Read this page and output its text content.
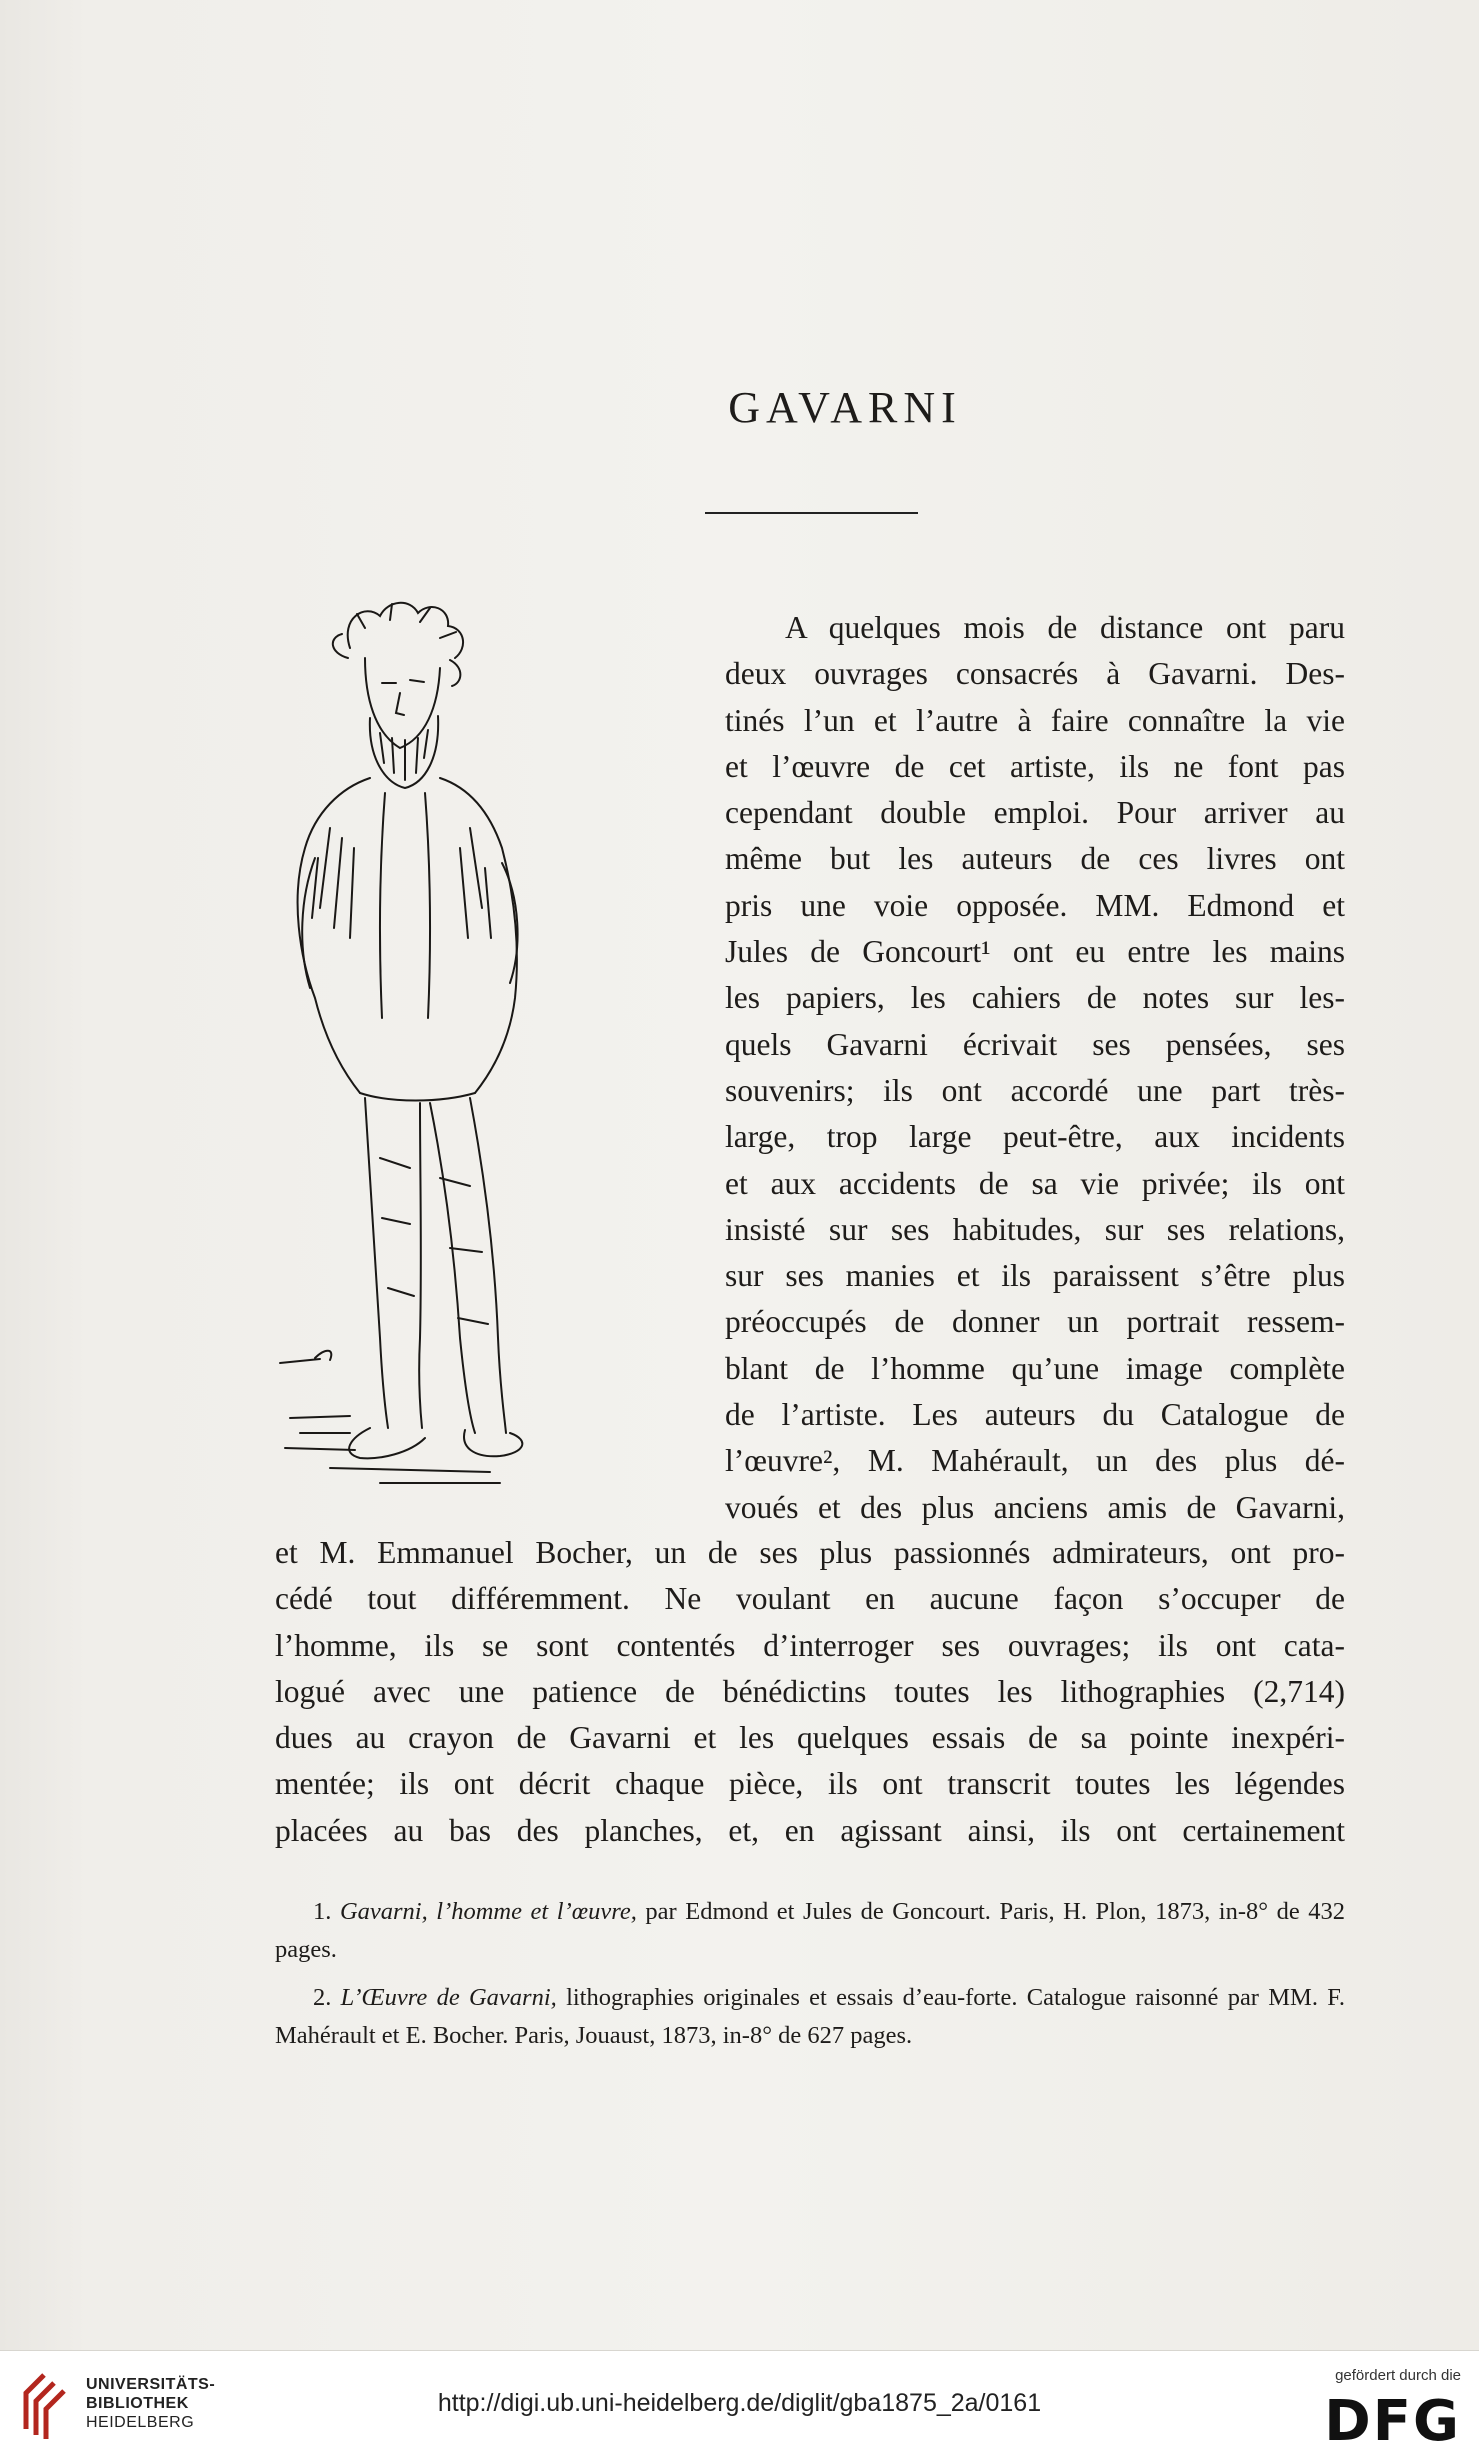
GAVARNI
A quelques mois de distance ont paru
deux ouvrages consacrés à Gavarni. Des-
tinés l’un et l’autre à faire connaître la vie
et l’œuvre de cet artiste, ils ne font pas
cependant double emploi. Pour arriver au
même but les auteurs de ces livres ont
pris une voie opposée. MM. Edmond et
Jules de Goncourt¹ ont eu entre les mains
les papiers, les cahiers de notes sur les-
quels Gavarni écrivait ses pensées, ses
souvenirs; ils ont accordé une part très-
large, trop large peut-être, aux incidents
et aux accidents de sa vie privée; ils ont
insisté sur ses habitudes, sur ses relations,
sur ses manies et ils paraissent s’être plus
préoccupés de donner un portrait ressem-
blant de l’homme qu’une image complète
de l’artiste. Les auteurs du Catalogue de
l’œuvre², M. Mahérault, un des plus dé-
voués et des plus anciens amis de Gavarni,
et M. Emmanuel Bocher, un de ses plus passionnés admirateurs, ont pro-
cédé tout différemment. Ne voulant en aucune façon s’occuper de
l’homme, ils se sont contentés d’interroger ses ouvrages; ils ont cata-
logué avec une patience de bénédictins toutes les lithographies (2,714)
dues au crayon de Gavarni et les quelques essais de sa pointe inexpéri-
mentée; ils ont décrit chaque pièce, ils ont transcrit toutes les légendes
placées au bas des planches, et, en agissant ainsi, ils ont certainement

1. Gavarni, l’homme et l’œuvre, par Edmond et Jules de Goncourt. Paris, H. Plon, 1873, in-8° de 432 pages.

2. L’Œuvre de Gavarni, lithographies originales et essais d’eau-forte. Catalogue raisonné par MM. F. Mahérault et E. Bocher. Paris, Jouaust, 1873, in-8° de 627 pages.

UNIVERSITÄTS-
BIBLIOTHEK
HEIDELBERG
http://digi.ub.uni-heidelberg.de/diglit/gba1875_2a/0161
gefördert durch die
DFG
